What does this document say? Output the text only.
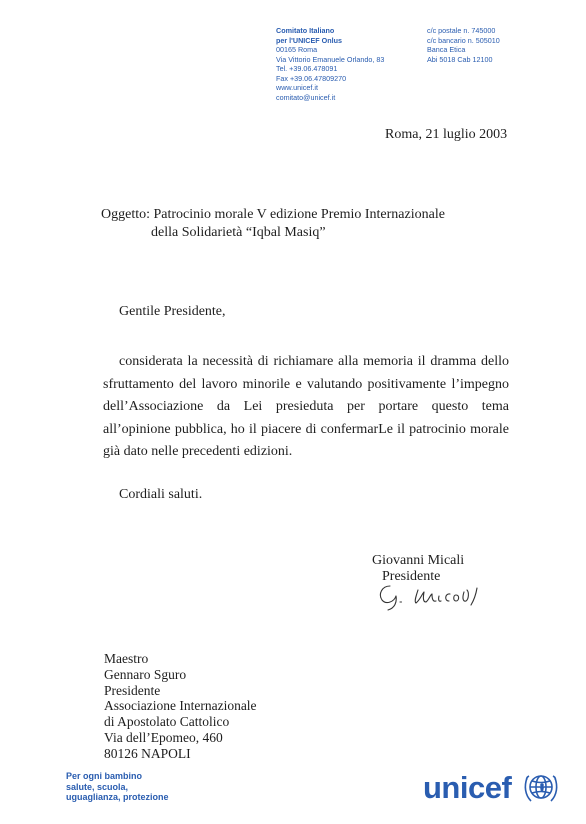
Comitato Italiano
per l'UNICEF Onlus
00165 Roma
Via Vittorio Emanuele Orlando, 83
Tel. +39.06.478091
Fax +39.06.47809270
www.unicef.it
comitato@unicef.it
c/c postale n. 745000
c/c bancario n. 505010
Banca Etica
Abi 5018 Cab 12100
Roma, 21 luglio 2003
Oggetto: Patrocinio morale V edizione Premio Internazionale
della Solidarietà “Iqbal Masiq”
Gentile Presidente,
considerata la necessità di richiamare alla memoria il dramma dello
sfruttamento del lavoro minorile e valutando positivamente l’impegno
dell’Associazione da Lei presieduta per portare questo tema
all’opinione pubblica, ho il piacere di confermarLe il patrocinio morale
già dato nelle precedenti edizioni.
Cordiali saluti.
Giovanni Micali
Presidente
Maestro
Gennaro Sguro
Presidente
Associazione Internazionale
di Apostolato Cattolico
Via dell’Epomeo, 460
80126 NAPOLI
Per ogni bambino
salute, scuola,
uguaglianza, protezione	unicef
